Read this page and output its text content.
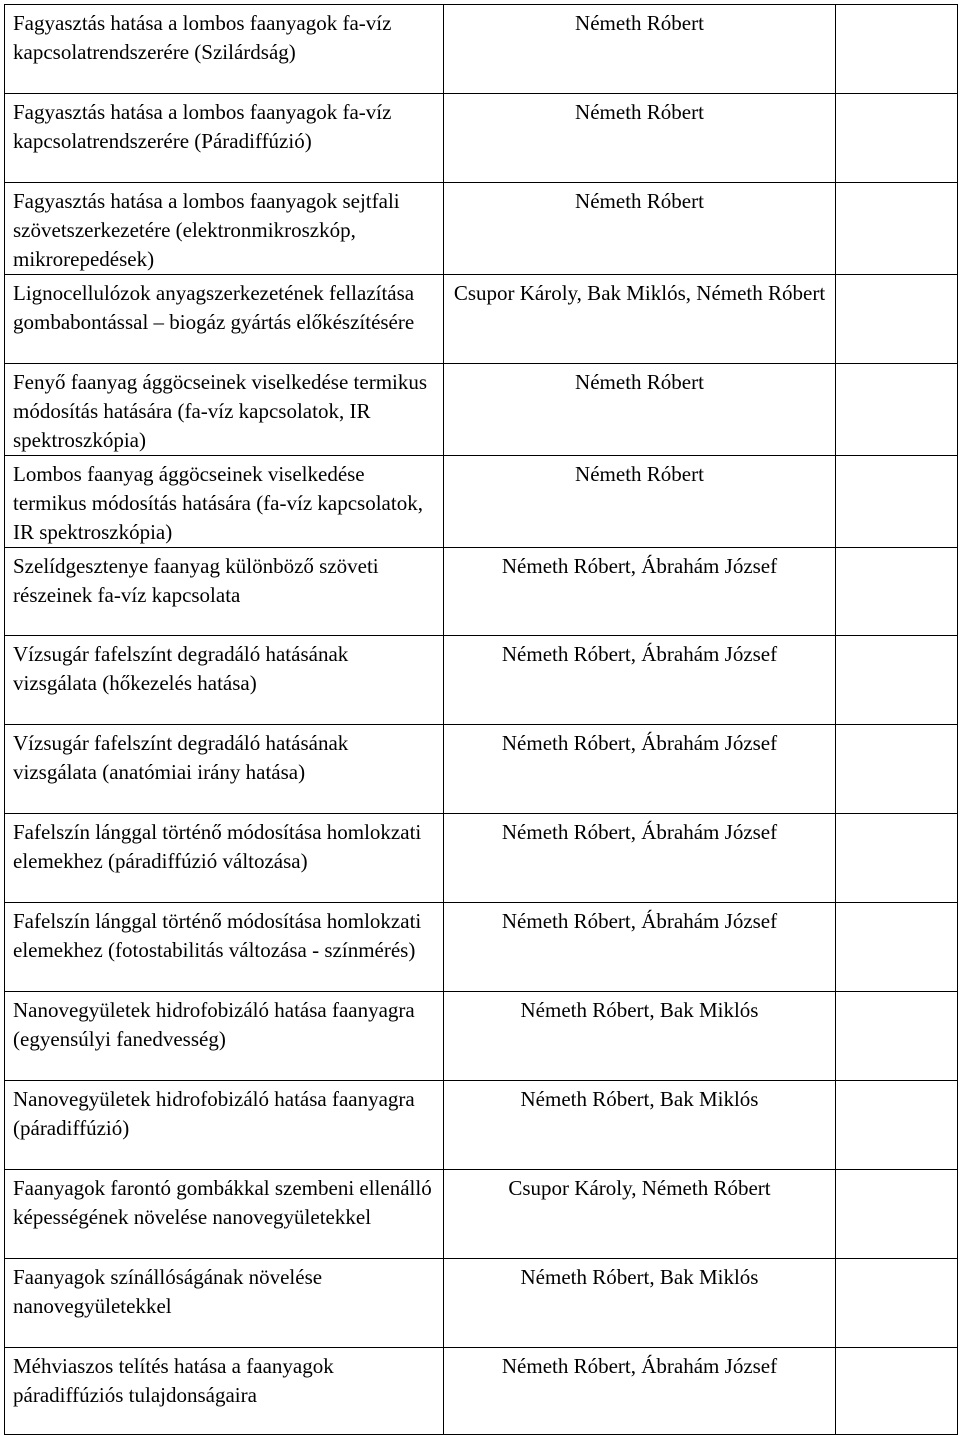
Fagyasztás hatása a lombos faanyagok fa-víz kapcsolatrendszerére (Szilárdság)	Németh Róbert	
Fagyasztás hatása a lombos faanyagok fa-víz kapcsolatrendszerére (Páradiffúzió)	Németh Róbert	
Fagyasztás hatása a lombos faanyagok sejtfali szövetszerkezetére (elektronmikroszkóp, mikrorepedések)	Németh Róbert	
Lignocellulózok anyagszerkezetének fellazítása gombabontással – biogáz gyártás előkészítésére	Csupor Károly, Bak Miklós, Németh Róbert	
Fenyő faanyag ággöcseinek viselkedése termikus módosítás hatására (fa-víz kapcsolatok, IR spektroszkópia)	Németh Róbert	
Lombos faanyag ággöcseinek viselkedése termikus módosítás hatására (fa-víz kapcsolatok, IR spektroszkópia)	Németh Róbert	
Szelídgesztenye faanyag különböző szöveti részeinek fa-víz kapcsolata	Németh Róbert, Ábrahám József	
Vízsugár fafelszínt degradáló hatásának vizsgálata (hőkezelés hatása)	Németh Róbert, Ábrahám József	
Vízsugár fafelszínt degradáló hatásának vizsgálata (anatómiai irány hatása)	Németh Róbert, Ábrahám József	
Fafelszín lánggal történő módosítása homlokzati elemekhez (páradiffúzió változása)	Németh Róbert, Ábrahám József	
Fafelszín lánggal történő módosítása homlokzati elemekhez (fotostabilitás változása - színmérés)	Németh Róbert, Ábrahám József	
Nanovegyületek hidrofobizáló hatása faanyagra (egyensúlyi fanedvesség)	Németh Róbert, Bak Miklós	
Nanovegyületek hidrofobizáló hatása faanyagra (páradiffúzió)	Németh Róbert, Bak Miklós	
Faanyagok farontó gombákkal szembeni ellenálló képességének növelése nanovegyületekkel	Csupor Károly, Németh Róbert	
Faanyagok színállóságának növelése nanovegyületekkel	Németh Róbert, Bak Miklós	
Méhviaszos telítés hatása a faanyagok páradiffúziós tulajdonságaira	Németh Róbert, Ábrahám József	
